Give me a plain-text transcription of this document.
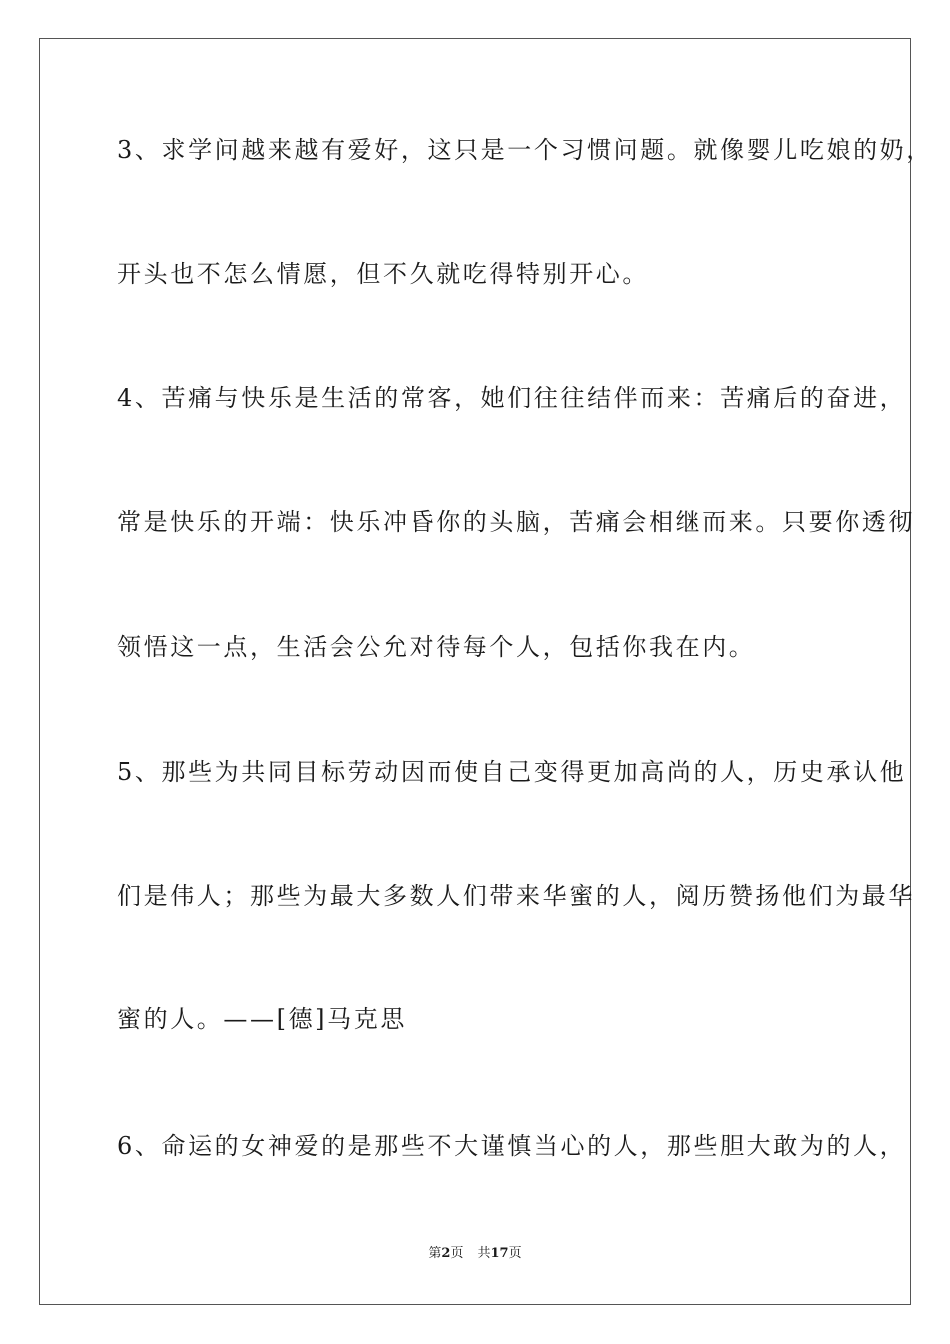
3、求学问越来越有爱好，这只是一个习惯问题。就像婴儿吃娘的奶，
开头也不怎么情愿，但不久就吃得特别开心。
4、苦痛与快乐是生活的常客，她们往往结伴而来：苦痛后的奋进，
常是快乐的开端：快乐冲昏你的头脑，苦痛会相继而来。只要你透彻
领悟这一点，生活会公允对待每个人，包括你我在内。
5、那些为共同目标劳动因而使自己变得更加高尚的人，历史承认他
们是伟人；那些为最大多数人们带来华蜜的人，阅历赞扬他们为最华
蜜的人。——[德]马克思
6、命运的女神爱的是那些不大谨慎当心的人，那些胆大敢为的人，
第2页 共17页
